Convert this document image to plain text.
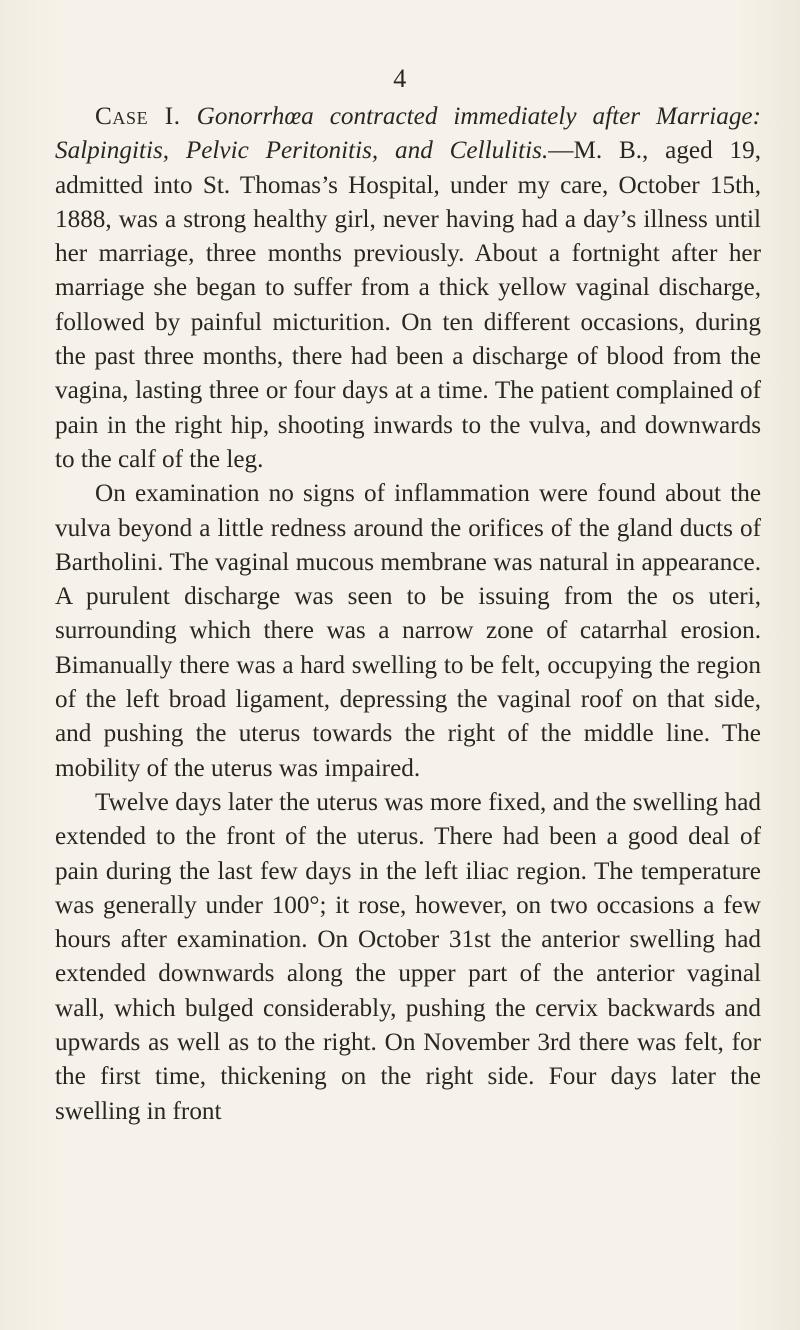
4

Case I. Gonorrhœa contracted immediately after Marriage: Salpingitis, Pelvic Peritonitis, and Cellulitis.—M. B., aged 19, admitted into St. Thomas’s Hospital, under my care, October 15th, 1888, was a strong healthy girl, never having had a day’s illness until her marriage, three months previously. About a fortnight after her marriage she began to suffer from a thick yellow vaginal discharge, followed by painful micturition. On ten different occasions, during the past three months, there had been a discharge of blood from the vagina, lasting three or four days at a time. The patient complained of pain in the right hip, shooting inwards to the vulva, and downwards to the calf of the leg.

On examination no signs of inflammation were found about the vulva beyond a little redness around the orifices of the gland ducts of Bartholini. The vaginal mucous membrane was natural in appearance. A purulent discharge was seen to be issuing from the os uteri, surrounding which there was a narrow zone of catarrhal erosion. Bimanually there was a hard swelling to be felt, occupying the region of the left broad ligament, depressing the vaginal roof on that side, and pushing the uterus towards the right of the middle line. The mobility of the uterus was impaired.

Twelve days later the uterus was more fixed, and the swelling had extended to the front of the uterus. There had been a good deal of pain during the last few days in the left iliac region. The temperature was generally under 100°; it rose, however, on two occasions a few hours after examination. On October 31st the anterior swelling had extended downwards along the upper part of the anterior vaginal wall, which bulged considerably, pushing the cervix backwards and upwards as well as to the right. On November 3rd there was felt, for the first time, thickening on the right side. Four days later the swelling in front
